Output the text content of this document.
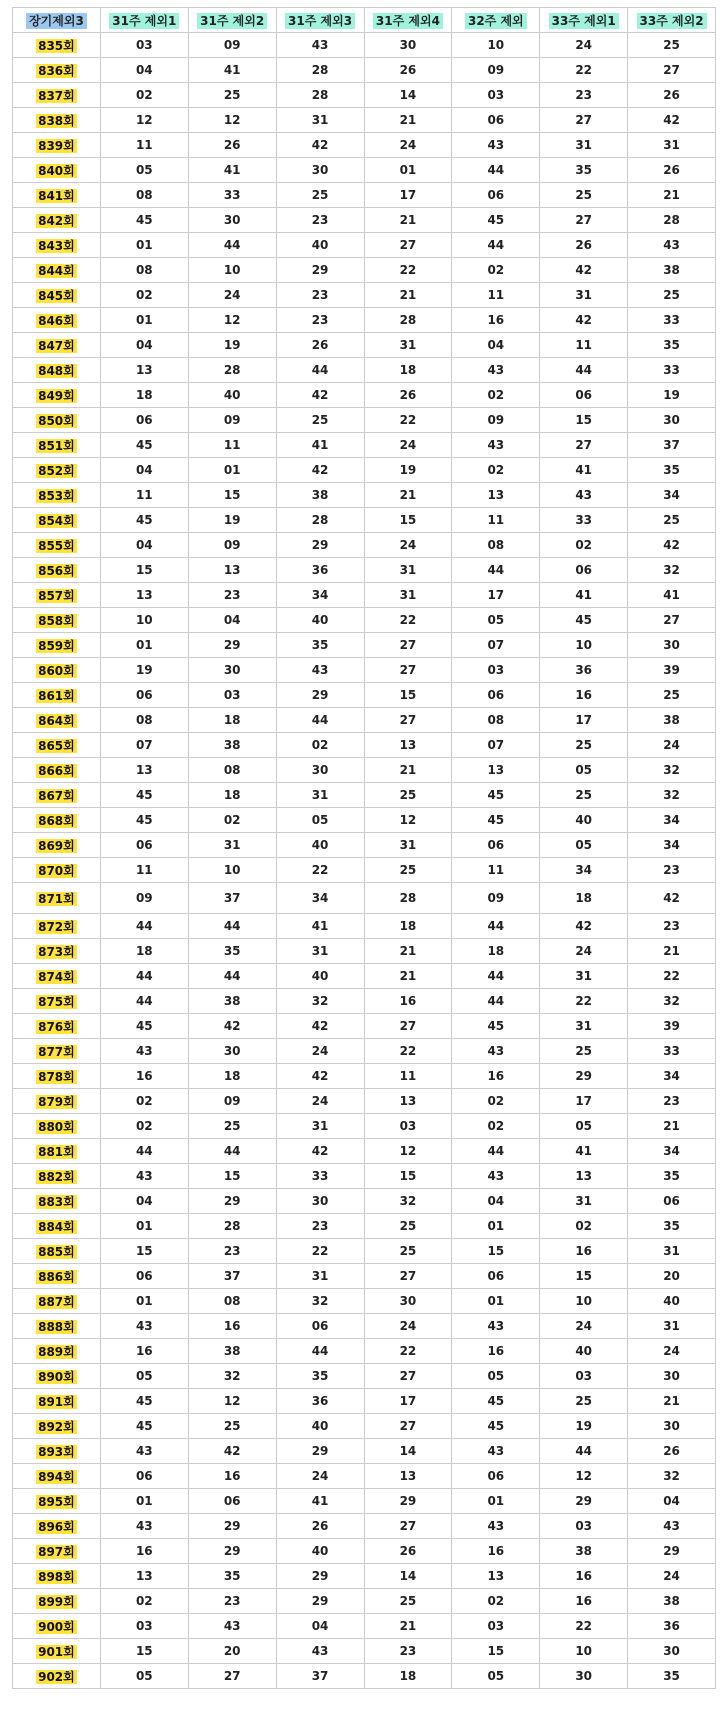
장기제외3	31주 제외1	31주 제외2	31주 제외3	31주 제외4	32주 제외	33주 제외1	33주 제외2
835회	03	09	43	30	10	24	25
836회	04	41	28	26	09	22	27
837회	02	25	28	14	03	23	26
838회	12	12	31	21	06	27	42
839회	11	26	42	24	43	31	31
840회	05	41	30	01	44	35	26
841회	08	33	25	17	06	25	21
842회	45	30	23	21	45	27	28
843회	01	44	40	27	44	26	43
844회	08	10	29	22	02	42	38
845회	02	24	23	21	11	31	25
846회	01	12	23	28	16	42	33
847회	04	19	26	31	04	11	35
848회	13	28	44	18	43	44	33
849회	18	40	42	26	02	06	19
850회	06	09	25	22	09	15	30
851회	45	11	41	24	43	27	37
852회	04	01	42	19	02	41	35
853회	11	15	38	21	13	43	34
854회	45	19	28	15	11	33	25
855회	04	09	29	24	08	02	42
856회	15	13	36	31	44	06	32
857회	13	23	34	31	17	41	41
858회	10	04	40	22	05	45	27
859회	01	29	35	27	07	10	30
860회	19	30	43	27	03	36	39
861회	06	03	29	15	06	16	25
864회	08	18	44	27	08	17	38
865회	07	38	02	13	07	25	24
866회	13	08	30	21	13	05	32
867회	45	18	31	25	45	25	32
868회	45	02	05	12	45	40	34
869회	06	31	40	31	06	05	34
870회	11	10	22	25	11	34	23
871회	09	37	34	28	09	18	42
872회	44	44	41	18	44	42	23
873회	18	35	31	21	18	24	21
874회	44	44	40	21	44	31	22
875회	44	38	32	16	44	22	32
876회	45	42	42	27	45	31	39
877회	43	30	24	22	43	25	33
878회	16	18	42	11	16	29	34
879회	02	09	24	13	02	17	23
880회	02	25	31	03	02	05	21
881회	44	44	42	12	44	41	34
882회	43	15	33	15	43	13	35
883회	04	29	30	32	04	31	06
884회	01	28	23	25	01	02	35
885회	15	23	22	25	15	16	31
886회	06	37	31	27	06	15	20
887회	01	08	32	30	01	10	40
888회	43	16	06	24	43	24	31
889회	16	38	44	22	16	40	24
890회	05	32	35	27	05	03	30
891회	45	12	36	17	45	25	21
892회	45	25	40	27	45	19	30
893회	43	42	29	14	43	44	26
894회	06	16	24	13	06	12	32
895회	01	06	41	29	01	29	04
896회	43	29	26	27	43	03	43
897회	16	29	40	26	16	38	29
898회	13	35	29	14	13	16	24
899회	02	23	29	25	02	16	38
900회	03	43	04	21	03	22	36
901회	15	20	43	23	15	10	30
902회	05	27	37	18	05	30	35
